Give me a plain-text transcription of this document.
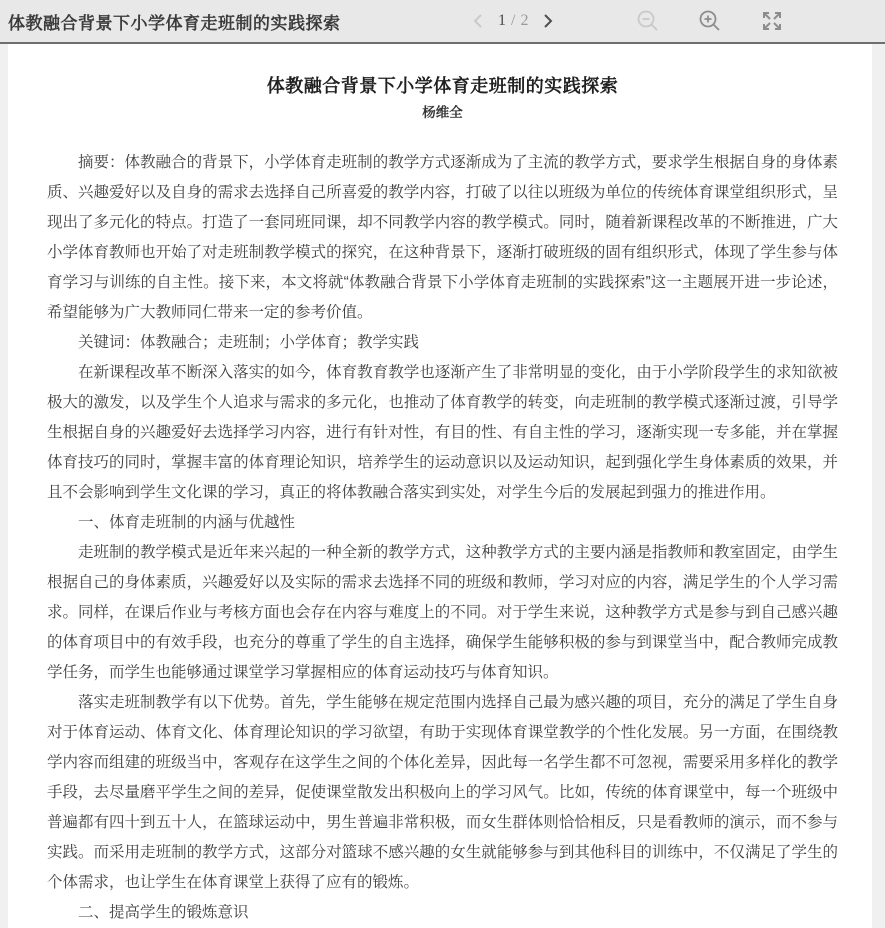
体教融合背景下小学体育走班制的实践探索	1 / 2
体教融合背景下小学体育走班制的实践探索
杨维全

摘要：体教融合的背景下，小学体育走班制的教学方式逐渐成为了主流的教学方式，要求学生根据自身的身体素质、兴趣爱好以及自身的需求去选择自己所喜爱的教学内容，打破了以往以班级为单位的传统体育课堂组织形式，呈现出了多元化的特点。打造了一套同班同课，却不同教学内容的教学模式。同时，随着新课程改革的不断推进，广大小学体育教师也开始了对走班制教学模式的探究，在这种背景下，逐渐打破班级的固有组织形式，体现了学生参与体育学习与训练的自主性。接下来，本文将就“体教融合背景下小学体育走班制的实践探索”这一主题展开进一步论述，希望能够为广大教师同仁带来一定的参考价值。

关键词：体教融合；走班制；小学体育；教学实践

在新课程改革不断深入落实的如今，体育教育教学也逐渐产生了非常明显的变化，由于小学阶段学生的求知欲被极大的激发，以及学生个人追求与需求的多元化，也推动了体育教学的转变，向走班制的教学模式逐渐过渡，引导学生根据自身的兴趣爱好去选择学习内容，进行有针对性，有目的性、有自主性的学习，逐渐实现一专多能，并在掌握体育技巧的同时，掌握丰富的体育理论知识，培养学生的运动意识以及运动知识，起到强化学生身体素质的效果，并且不会影响到学生文化课的学习，真正的将体教融合落实到实处，对学生今后的发展起到强力的推进作用。

一、体育走班制的内涵与优越性

走班制的教学模式是近年来兴起的一种全新的教学方式，这种教学方式的主要内涵是指教师和教室固定，由学生根据自己的身体素质，兴趣爱好以及实际的需求去选择不同的班级和教师，学习对应的内容，满足学生的个人学习需求。同样，在课后作业与考核方面也会存在内容与难度上的不同。对于学生来说，这种教学方式是参与到自己感兴趣的体育项目中的有效手段，也充分的尊重了学生的自主选择，确保学生能够积极的参与到课堂当中，配合教师完成教学任务，而学生也能够通过课堂学习掌握相应的体育运动技巧与体育知识。

落实走班制教学有以下优势。首先，学生能够在规定范围内选择自己最为感兴趣的项目，充分的满足了学生自身对于体育运动、体育文化、体育理论知识的学习欲望，有助于实现体育课堂教学的个性化发展。另一方面，在围绕教学内容而组建的班级当中，客观存在这学生之间的个体化差异，因此每一名学生都不可忽视，需要采用多样化的教学手段，去尽量磨平学生之间的差异，促使课堂散发出积极向上的学习风气。比如，传统的体育课堂中，每一个班级中普遍都有四十到五十人，在篮球运动中，男生普遍非常积极，而女生群体则恰恰相反，只是看教师的演示，而不参与实践。而采用走班制的教学方式，这部分对篮球不感兴趣的女生就能够参与到其他科目的训练中，不仅满足了学生的个体需求，也让学生在体育课堂上获得了应有的锻炼。

二、提高学生的锻炼意识
